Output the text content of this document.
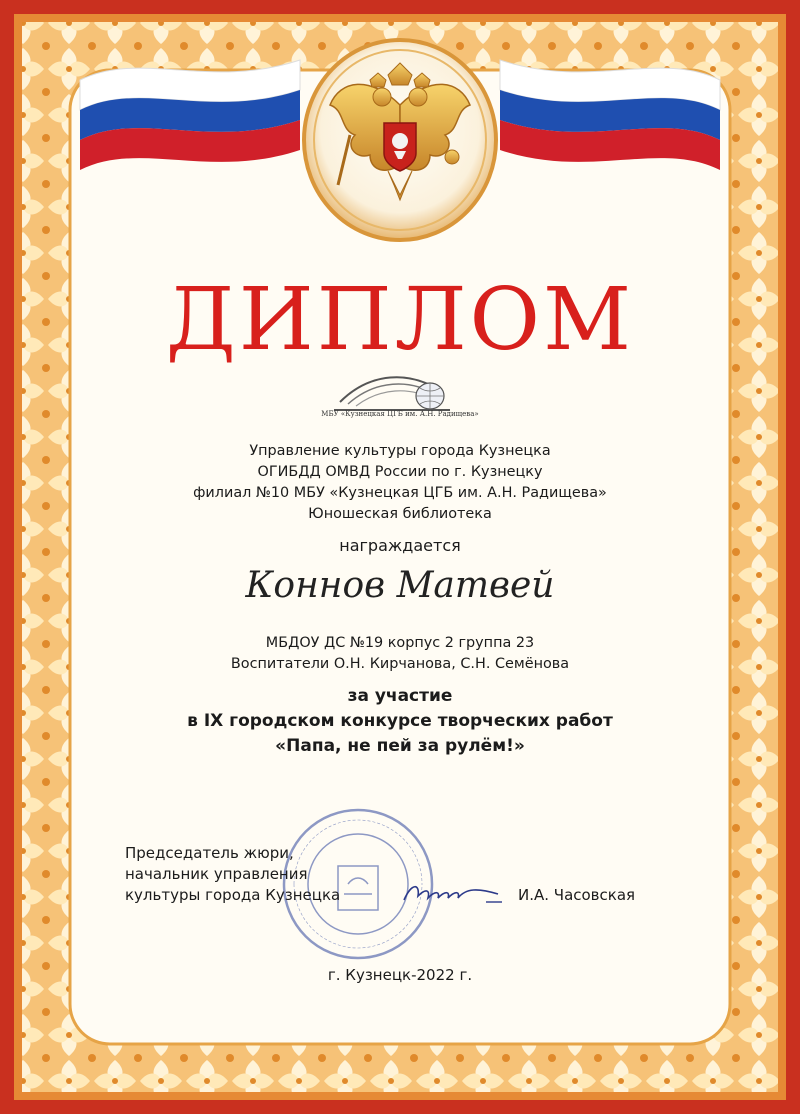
ДИПЛОМ
МБУ «Кузнецкая ЦГБ им. А.Н. Радищева»
Управление культуры города Кузнецка
ОГИБДД ОМВД России по г. Кузнецку
филиал №10 МБУ «Кузнецкая ЦГБ им. А.Н. Радищева»
Юношеская библиотека
награждается
Коннов Матвей
МБДОУ ДС №19 корпус 2 группа 23
Воспитатели О.Н. Кирчанова, С.Н. Семёнова
за участие
в IX городском конкурсе творческих работ
«Папа, не пей за рулём!»
Председатель жюри,
начальник управления
культуры города Кузнецка	И.А. Часовская
г. Кузнецк-2022 г.
